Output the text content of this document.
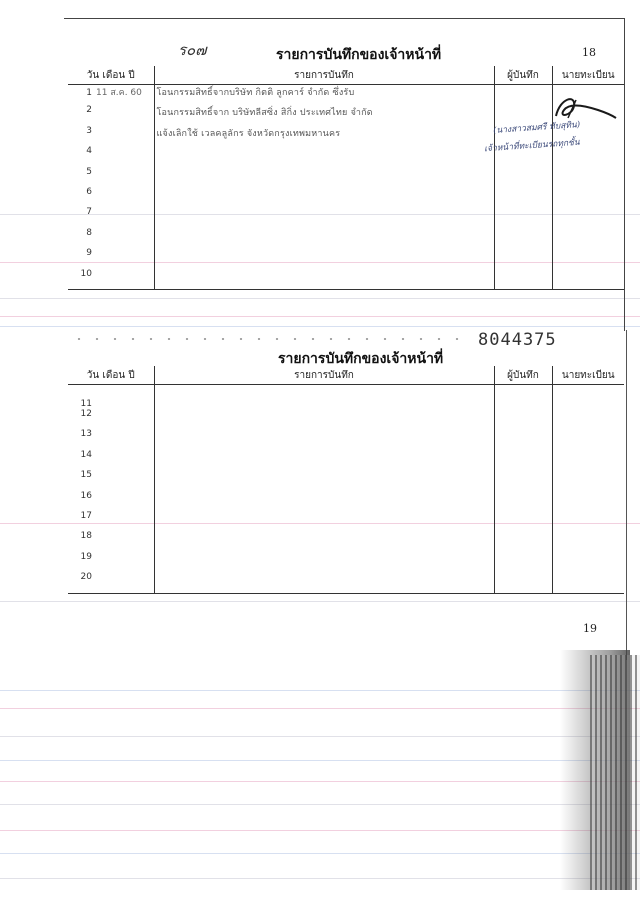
ร๐๗	รายการบันทึกของเจ้าหน้าที่	18
วัน เดือน ปี	รายการบันทึก	ผู้บันทึก	นายทะเบียน
1 11 ส.ค. 60	โอนกรรมสิทธิ์จากบริษัท กิตติ ลูกคาร์ จำกัด ซึ่งรับ		
2	โอนกรรมสิทธิ์จาก บริษัทลีสซิ่ง สิกิ่ง ประเทศไทย จำกัด		
3	แจ้งเลิกใช้ เวลคลูลักร จังหวัดกรุงเทพมหานคร		
4			
5			
6			
7			
8			
9			
10			
(นางสาวสมศรี ทับสุทิน)
เจ้าหน้าที่ทะเบียนรถทุกชั้น
8044375
รายการบันทึกของเจ้าหน้าที่
วัน เดือน ปี	รายการบันทึก	ผู้บันทึก	นายทะเบียน
11			
12			
13			
14			
15			
16			
17			
18			
19			
20			
19
